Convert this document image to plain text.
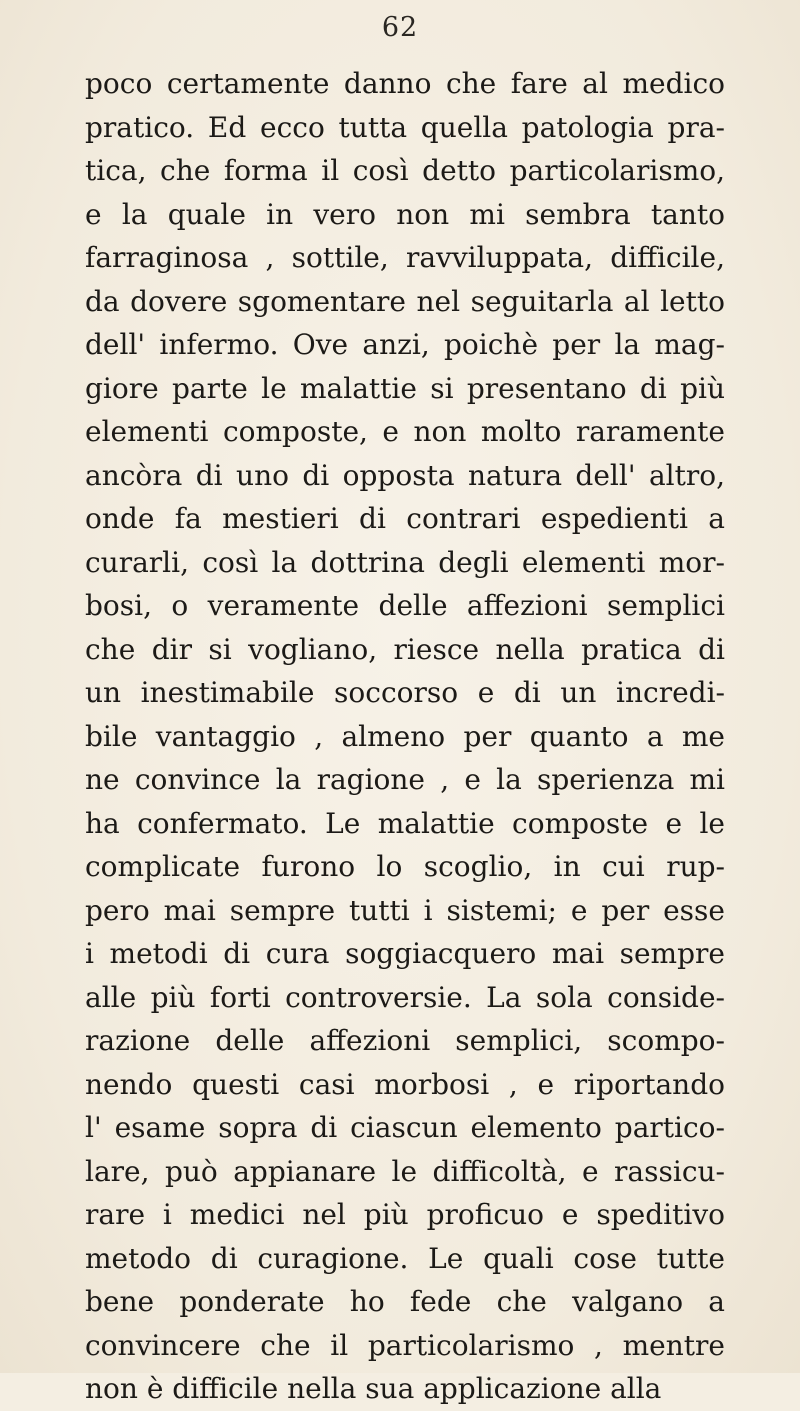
62
poco certamente danno che fare al medico
pratico. Ed ecco tutta quella patologia pra-
tica, che forma il così detto particolarismo,
e la quale in vero non mi sembra tanto
farraginosa , sottile, ravviluppata, difficile,
da dovere sgomentare nel seguitarla al letto
dell' infermo. Ove anzi, poichè per la mag-
giore parte le malattie si presentano di più
elementi composte, e non molto raramente
ancòra di uno di opposta natura dell' altro,
onde fa mestieri di contrari espedienti a
curarli, così la dottrina degli elementi mor-
bosi, o veramente delle affezioni semplici
che dir si vogliano, riesce nella pratica di
un inestimabile soccorso e di un incredi-
bile vantaggio , almeno per quanto a me
ne convince la ragione , e la sperienza mi
ha confermato. Le malattie composte e le
complicate furono lo scoglio, in cui rup-
pero mai sempre tutti i sistemi; e per esse
i metodi di cura soggiacquero mai sempre
alle più forti controversie. La sola conside-
razione delle affezioni semplici, scompo-
nendo questi casi morbosi , e riportando
l' esame sopra di ciascun elemento partico-
lare, può appianare le difficoltà, e rassicu-
rare i medici nel più proficuo e speditivo
metodo di curagione. Le quali cose tutte
bene ponderate ho fede che valgano a
convincere che il particolarismo , mentre
non è difficile nella sua applicazione alla
